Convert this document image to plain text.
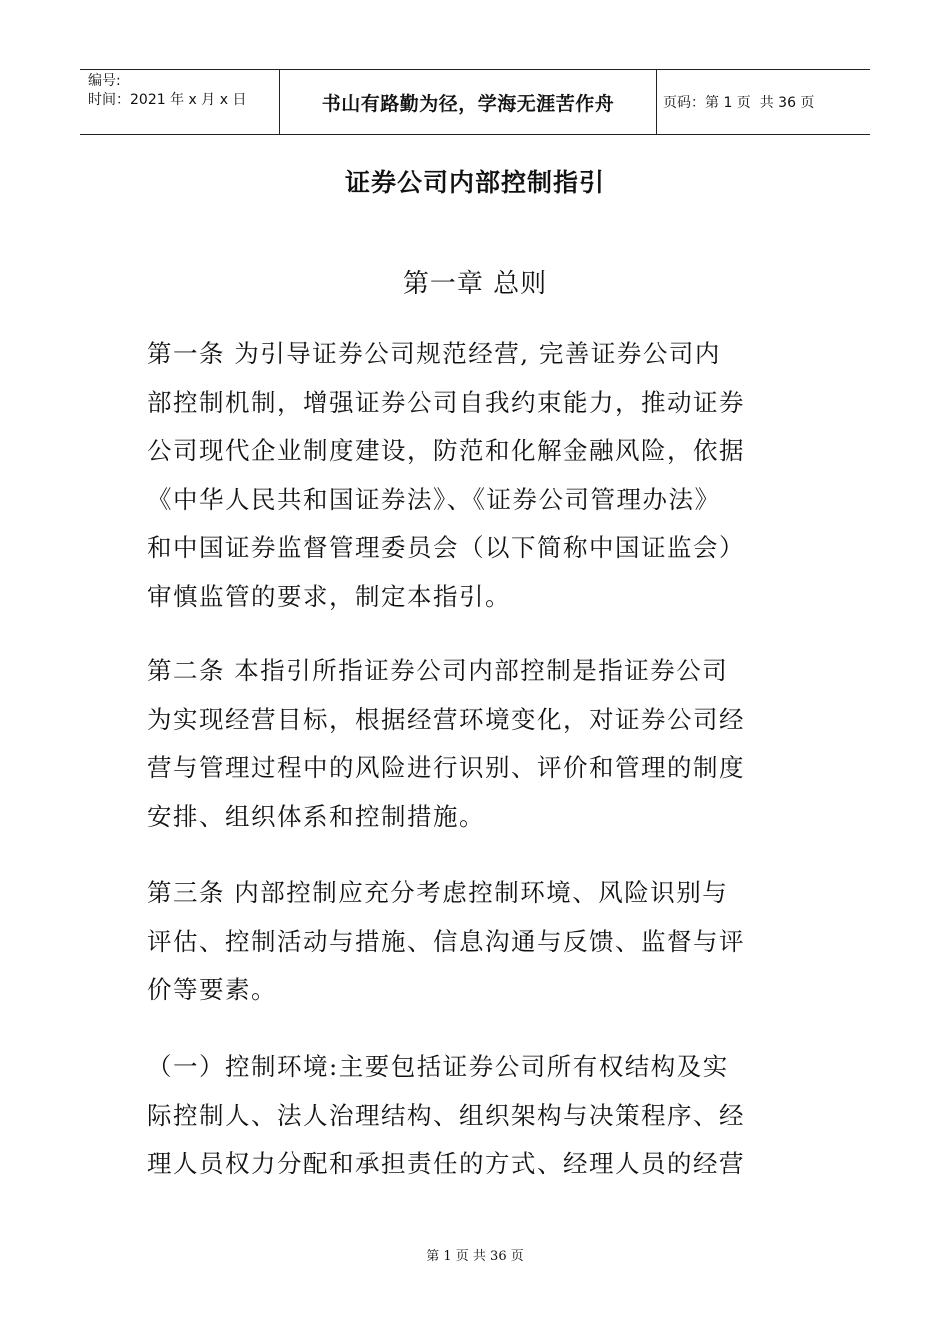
编号:
时间：2021 年 x 月 x 日	书山有路勤为径，学海无涯苦作舟	页码：第 1 页  共 36 页
证券公司内部控制指引
第一章 总则

第一条 为引导证券公司规范经营, 完善证券公司内
部控制机制，增强证券公司自我约束能力，推动证券
公司现代企业制度建设，防范和化解金融风险，依据
《中华人民共和国证券法》、《证券公司管理办法》
和中国证券监督管理委员会（以下简称中国证监会）
审慎监管的要求，制定本指引。

第二条 本指引所指证券公司内部控制是指证券公司
为实现经营目标，根据经营环境变化，对证券公司经
营与管理过程中的风险进行识别、评价和管理的制度
安排、组织体系和控制措施。

第三条 内部控制应充分考虑控制环境、风险识别与
评估、控制活动与措施、信息沟通与反馈、监督与评
价等要素。

（一）控制环境:主要包括证券公司所有权结构及实
际控制人、法人治理结构、组织架构与决策程序、经
理人员权力分配和承担责任的方式、经理人员的经营

第 1 页 共 36 页
